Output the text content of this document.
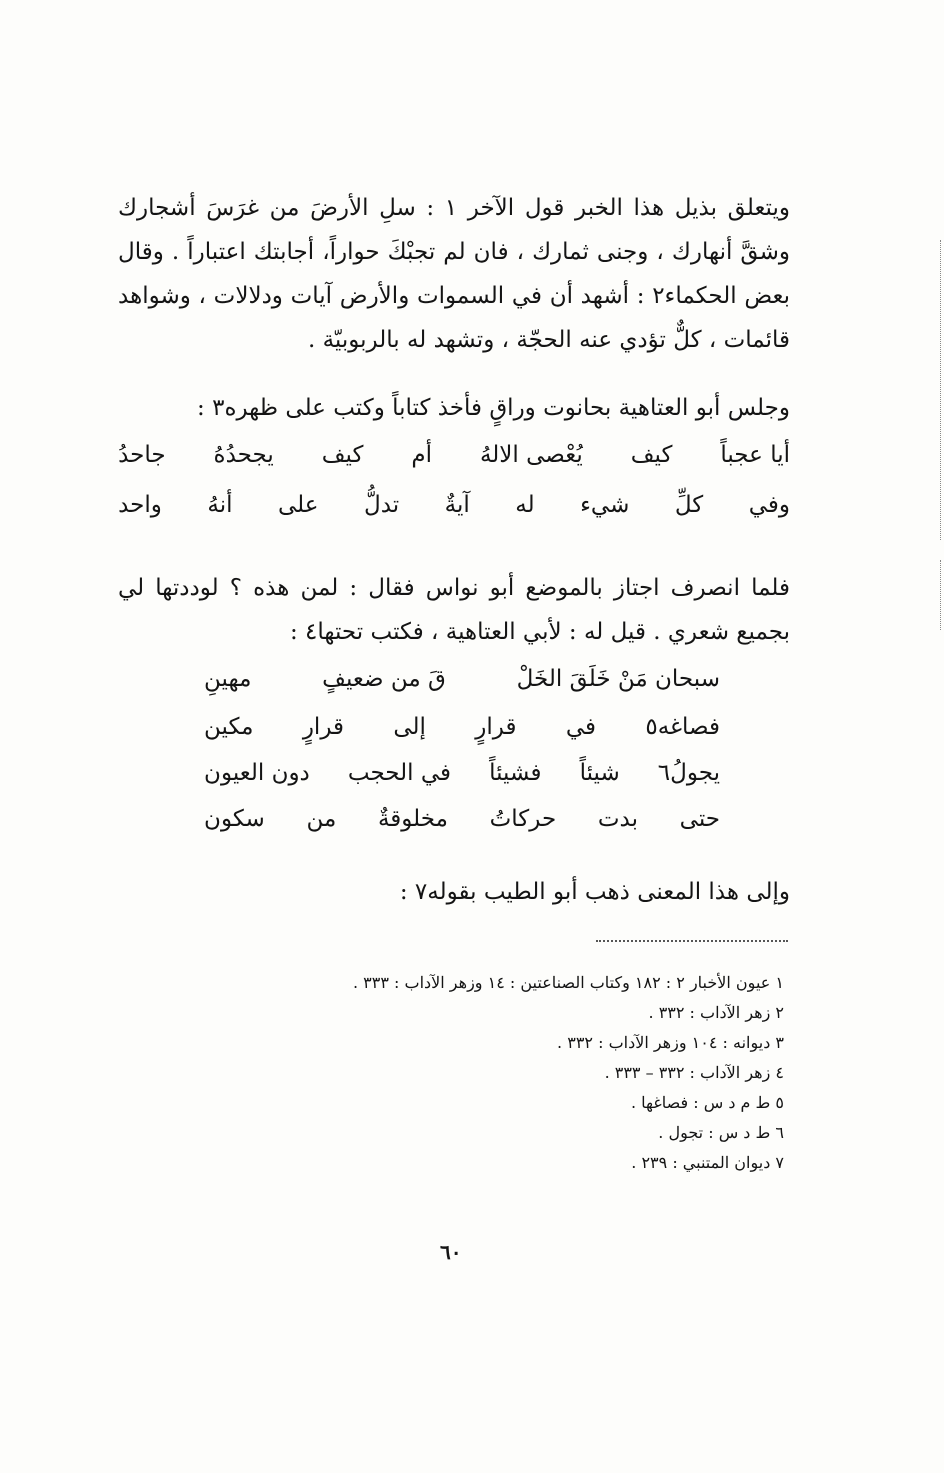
ويتعلق بذيل هذا الخبر قول الآخر ١ : سلِ الأرضَ من غرَسَ أشجارك
وشقَّ أنهارك ، وجنى ثمارك ، فان لم تجبْكَ حواراً، أجابتك اعتباراً . وقال
بعض الحكماء٢ : أشهد أن في السموات والأرض آيات ودلالات ، وشواهد
قائمات ، كلٌّ تؤدي عنه الحجّة ، وتشهد له بالربوبيّة .
وجلس أبو العتاهية بحانوت وراقٍ فأخذ كتاباً وكتب على ظهره٣ :
أيا عجباً
كيف
يُعْصى الالهُ
أم
كيف
يجحدُهُ
جاحدُ
وفي
كلِّ
شيء
له
آيةٌ
تدلُّ
على
أنهُ
واحد
فلما انصرف اجتاز بالموضع أبو نواس فقال : لمن هذه ؟ لوددتها لي
بجميع شعري . قيل له : لأبي العتاهية ، فكتب تحتها٤ :
سبحان مَنْ خَلَقَ الخَلْ
قَ من ضعيفٍ
مهينِ
فصاغه٥
في
قرارٍ
إلى
قرارٍ
مكين
يجولُ٦
شيئاً
فشيئاً
في الحجب
دون العيون
حتى
بدت
حركاتُ
مخلوقةٌ
من
سكون
وإلى هذا المعنى ذهب أبو الطيب بقوله٧ :
١ عيون الأخبار ٢ : ١٨٢ وكتاب الصناعتين : ١٤ وزهر الآداب : ٣٣٣ .
٢ زهر الآداب : ٣٣٢ .
٣ ديوانه : ١٠٤ وزهر الآداب : ٣٣٢ .
٤ زهر الآداب : ٣٣٢ – ٣٣٣ .
٥ ط م د س : فصاغها .
٦ ط د س : تجول .
٧ ديوان المتنبي : ٢٣٩ .
٦٠
